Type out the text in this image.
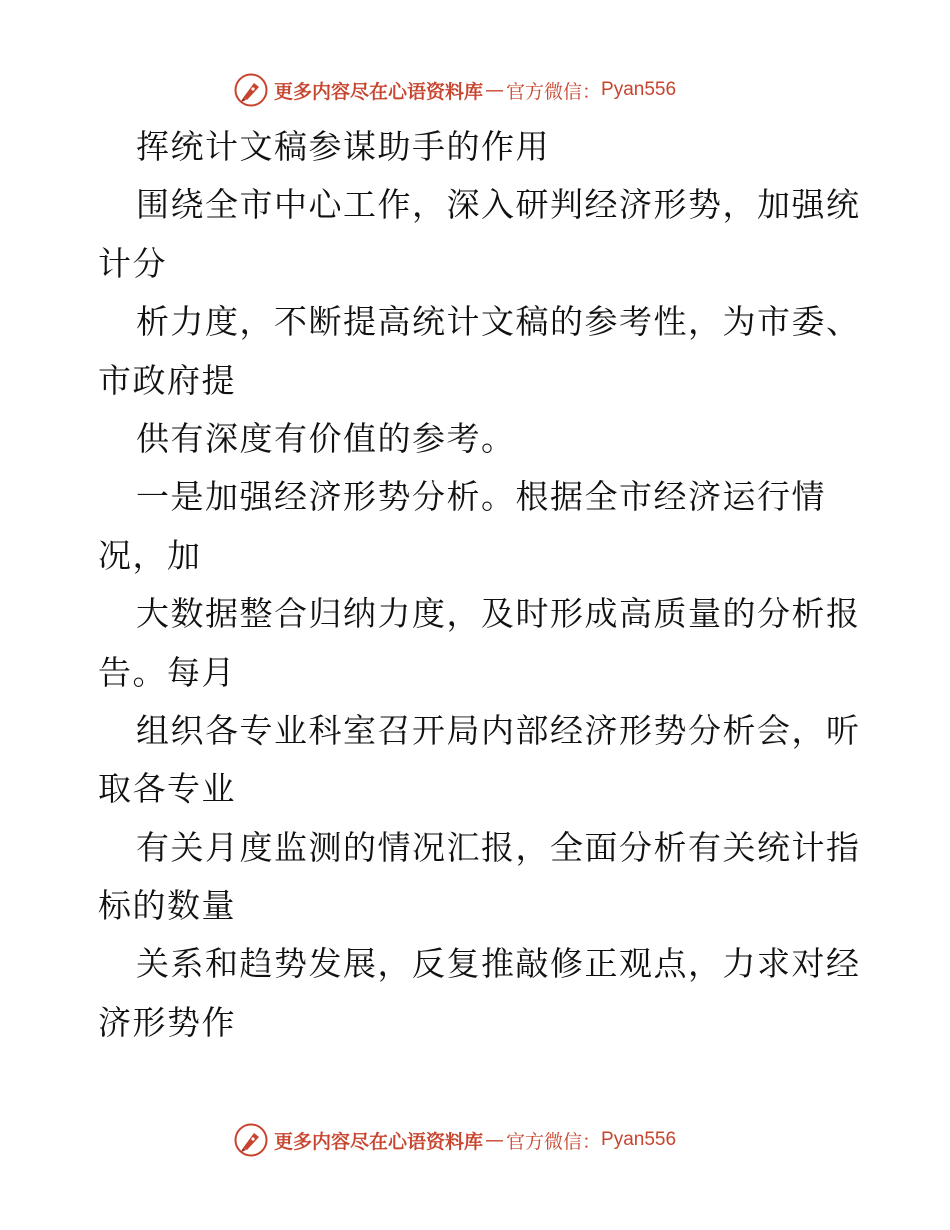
更多内容尽在心语资料库 — 官方微信： Pyan556
挥统计文稿参谋助手的作用
围绕全市中心工作，深入研判经济形势，加强统
计分
析力度，不断提高统计文稿的参考性，为市委、
市政府提
供有深度有价值的参考。
一是加强经济形势分析。根据全市经济运行情
况，加
大数据整合归纳力度，及时形成高质量的分析报
告。每月
组织各专业科室召开局内部经济形势分析会，听
取各专业
有关月度监测的情况汇报，全面分析有关统计指
标的数量
关系和趋势发展，反复推敲修正观点，力求对经
济形势作
更多内容尽在心语资料库 — 官方微信： Pyan556
